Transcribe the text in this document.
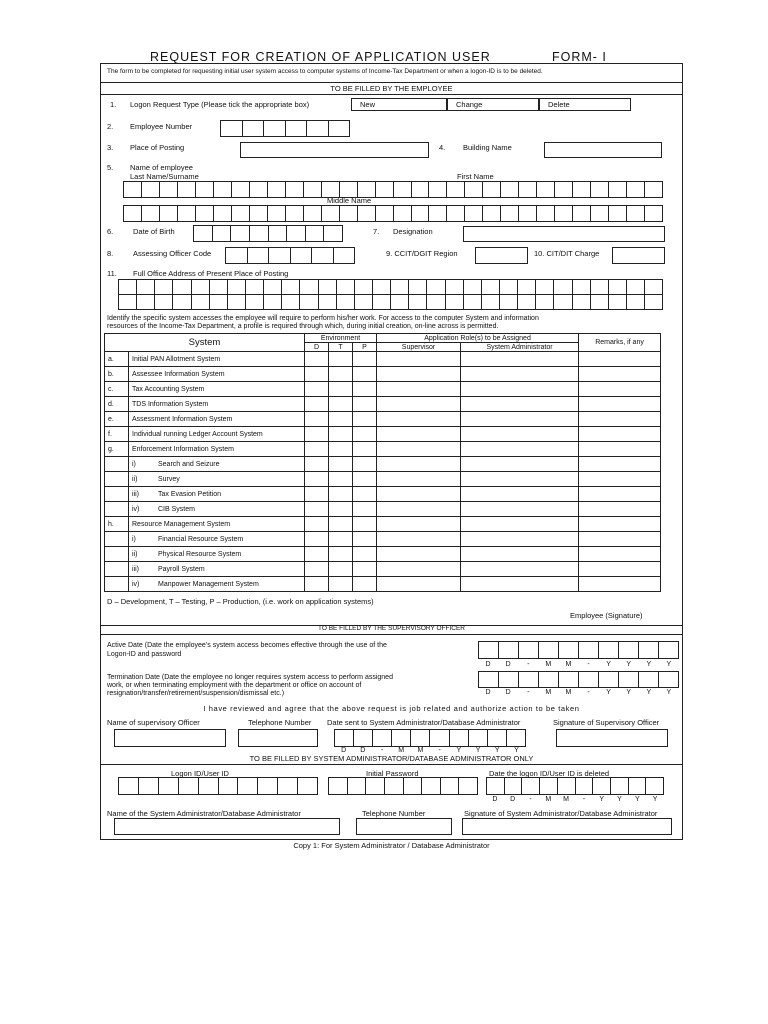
REQUEST FOR CREATION OF APPLICATION USER	FORM- I
The form to be completed for requesting initial user system access to computer systems of Income-Tax Department or when a logon-ID is to be deleted.
TO BE FILLED BY THE EMPLOYEE
1. Logon Request Type (Please tick the appropriate box)	New	Change	Delete
2. Employee Number
3. Place of Posting	4. Building Name
5. Name of employee
Last Name/Surname	First Name
Middle Name
6.	Date of Birth	7. Designation
8.	Assessing Officer Code	9. CCIT/DGIT Region	10. CIT/DIT Charge
11. Full Office Address of Present Place of Posting
Identify the specific system accesses the employee will require to perform his/her work. For access to the computer System and information
resources of the Income-Tax Department, a profile is required through which, during initial creation, on-line across is permitted.
System		Environment			Application Role(s) to be Assigned		Remarks, if any
		D	T	P	Supervisor	System Administrator	
a.	Initial PAN Allotment System						
b.	Assessee Information System						
c.	Tax Accounting System						
d.	TDS Information System						
e.	Assessment Information System						
f.	Individual running Ledger Account System						
g.	Enforcement Information System						
	i) Search and Seizure						
	ii) Survey						
	iii) Tax Evasion Petition						
	iv) CIB System						
h.	Resource Management System						
	i) Financial Resource System						
	ii) Physical Resource System						
	iii) Payroll System						
	iv) Manpower Management System						
D – Development, T – Testing, P – Production, (i.e. work on application systems)
Employee (Signature)
TO BE FILLED BY THE SUPERVISORY OFFICER
Active Date (Date the employee’s system access becomes effective through the use of the
Logon-ID and password
D	D	-	M	M	-	Y	Y	Y	Y
Termination Date (Date the employee no longer requires system access to perform assigned
work, or when terminating employment with the department or office on account of
resignation/transfer/retirement/suspension/dismissal etc.)	D	D	-	M	M	-	Y	Y	Y	Y
I have reviewed and agree that the above request is job related and authorize action to be taken
Name of supervisory Officer	Telephone Number Date sent to System Administrator/Database Administrator	Signature of Supervisory Officer
D	D	-	M	M	-	Y	Y	Y	Y
TO BE FILLED BY SYSTEM ADMINISTRATOR/DATABASE ADMINISTRATOR ONLY
Logon ID/User ID	Initial Password	Date the logon ID/User ID is deleted
D	D	-	M	M	-	Y	Y	Y	Y
Name of the System Administrator/Database Administrator	Telephone Number	Signature of System Administrator/Database Administrator
Copy 1: For System Administrator / Database Administrator
